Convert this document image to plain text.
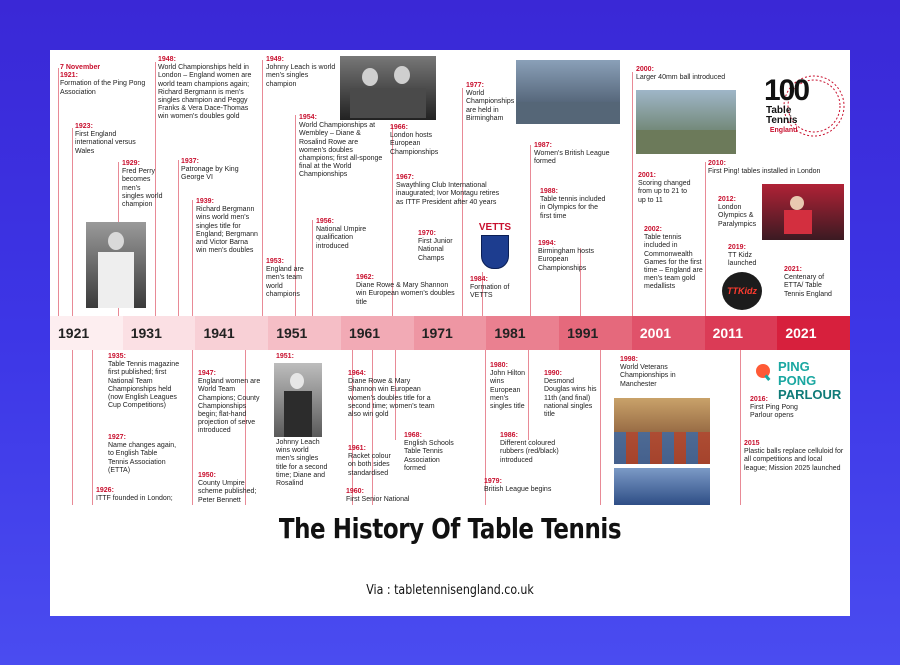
7 November
1921:
Formation of the Ping Pong Association
1923:
First England international versus Wales
1929:
Fred Perry becomes men's singles world champion
1948:
World Championships held in London – England women are world team champions again; Richard Bergmann is men's singles champion and Peggy Franks & Vera Dace-Thomas win women's doubles gold
1937:
Patronage by King George VI
1939:
Richard Bergmann wins world men's singles title for England; Bergmann and Victor Barna win men's doubles
1949:
Johnny Leach is world men's singles champion
1954:
World Championships at Wembley – Diane & Rosalind Rowe are women's doubles champions; first all-sponge final at the World Championships
1953:
England are men's team world champions
1956:
National Umpire qualification introduced
1966:
London hosts European Championships
1967:
Swaythling Club International inaugurated; Ivor Montagu retires as ITTF President after 40 years
1962:
Diane Rowe & Mary Shannon win European women's doubles title
1970:
First Junior National Champs
1977:
World Championships are held in Birmingham
1984:
Formation of VETTS
1987:
Women's British League formed
1988:
Table tennis included in Olympics for the first time
1994:
Birmingham hosts European Championships
2000:
Larger 40mm ball introduced
2001:
Scoring changed from up to 21 to up to 11
2002:
Table tennis included in Commonwealth Games for the first time – England are men's team gold medallists
2010:
First Ping! tables installed in London
2012:
London Olympics & Paralympics
2019:
TT Kidz launched
2021:
Centenary of ETTA/ Table Tennis England
VETTS
TTKidz
100
Table
Tennis
England
1921	1931	1941	1951	1961	1971	1981	1991	2001	2011	2021
1935:
Table Tennis magazine first published; first National Team Championships held (now English Leagues Cup Competitions)
1927:
Name changes again, to English Table Tennis Association (ETTA)
1926:
ITTF founded in London;
1947:
England women are World Team Champions; County Championships begin; flat-hand projection of serve introduced
1950:
County Umpire scheme published; Peter Bennett
1951:
Johnny Leach wins world men's singles title for a second time; Diane and Rosalind
1964:
Diane Rowe & Mary Shannon win European women's doubles title for a second time; women's team also win gold
1961:
Racket colour on both sides standardised
1968:
English Schools Table Tennis Association formed
1960:
First Senior National
1980:
John Hilton wins European men's singles title
1990:
Desmond Douglas wins his 11th (and final) national singles title
1986:
Different coloured rubbers (red/black) introduced
1979:
British League begins
1998:
World Veterans Championships in Manchester
PING PONG
PARLOUR
2016:
First Ping Pong Parlour opens
2015
Plastic balls replace celluloid for all competitions and local league; Mission 2025 launched
The History Of Table Tennis
Via : tabletennisengland.co.uk
